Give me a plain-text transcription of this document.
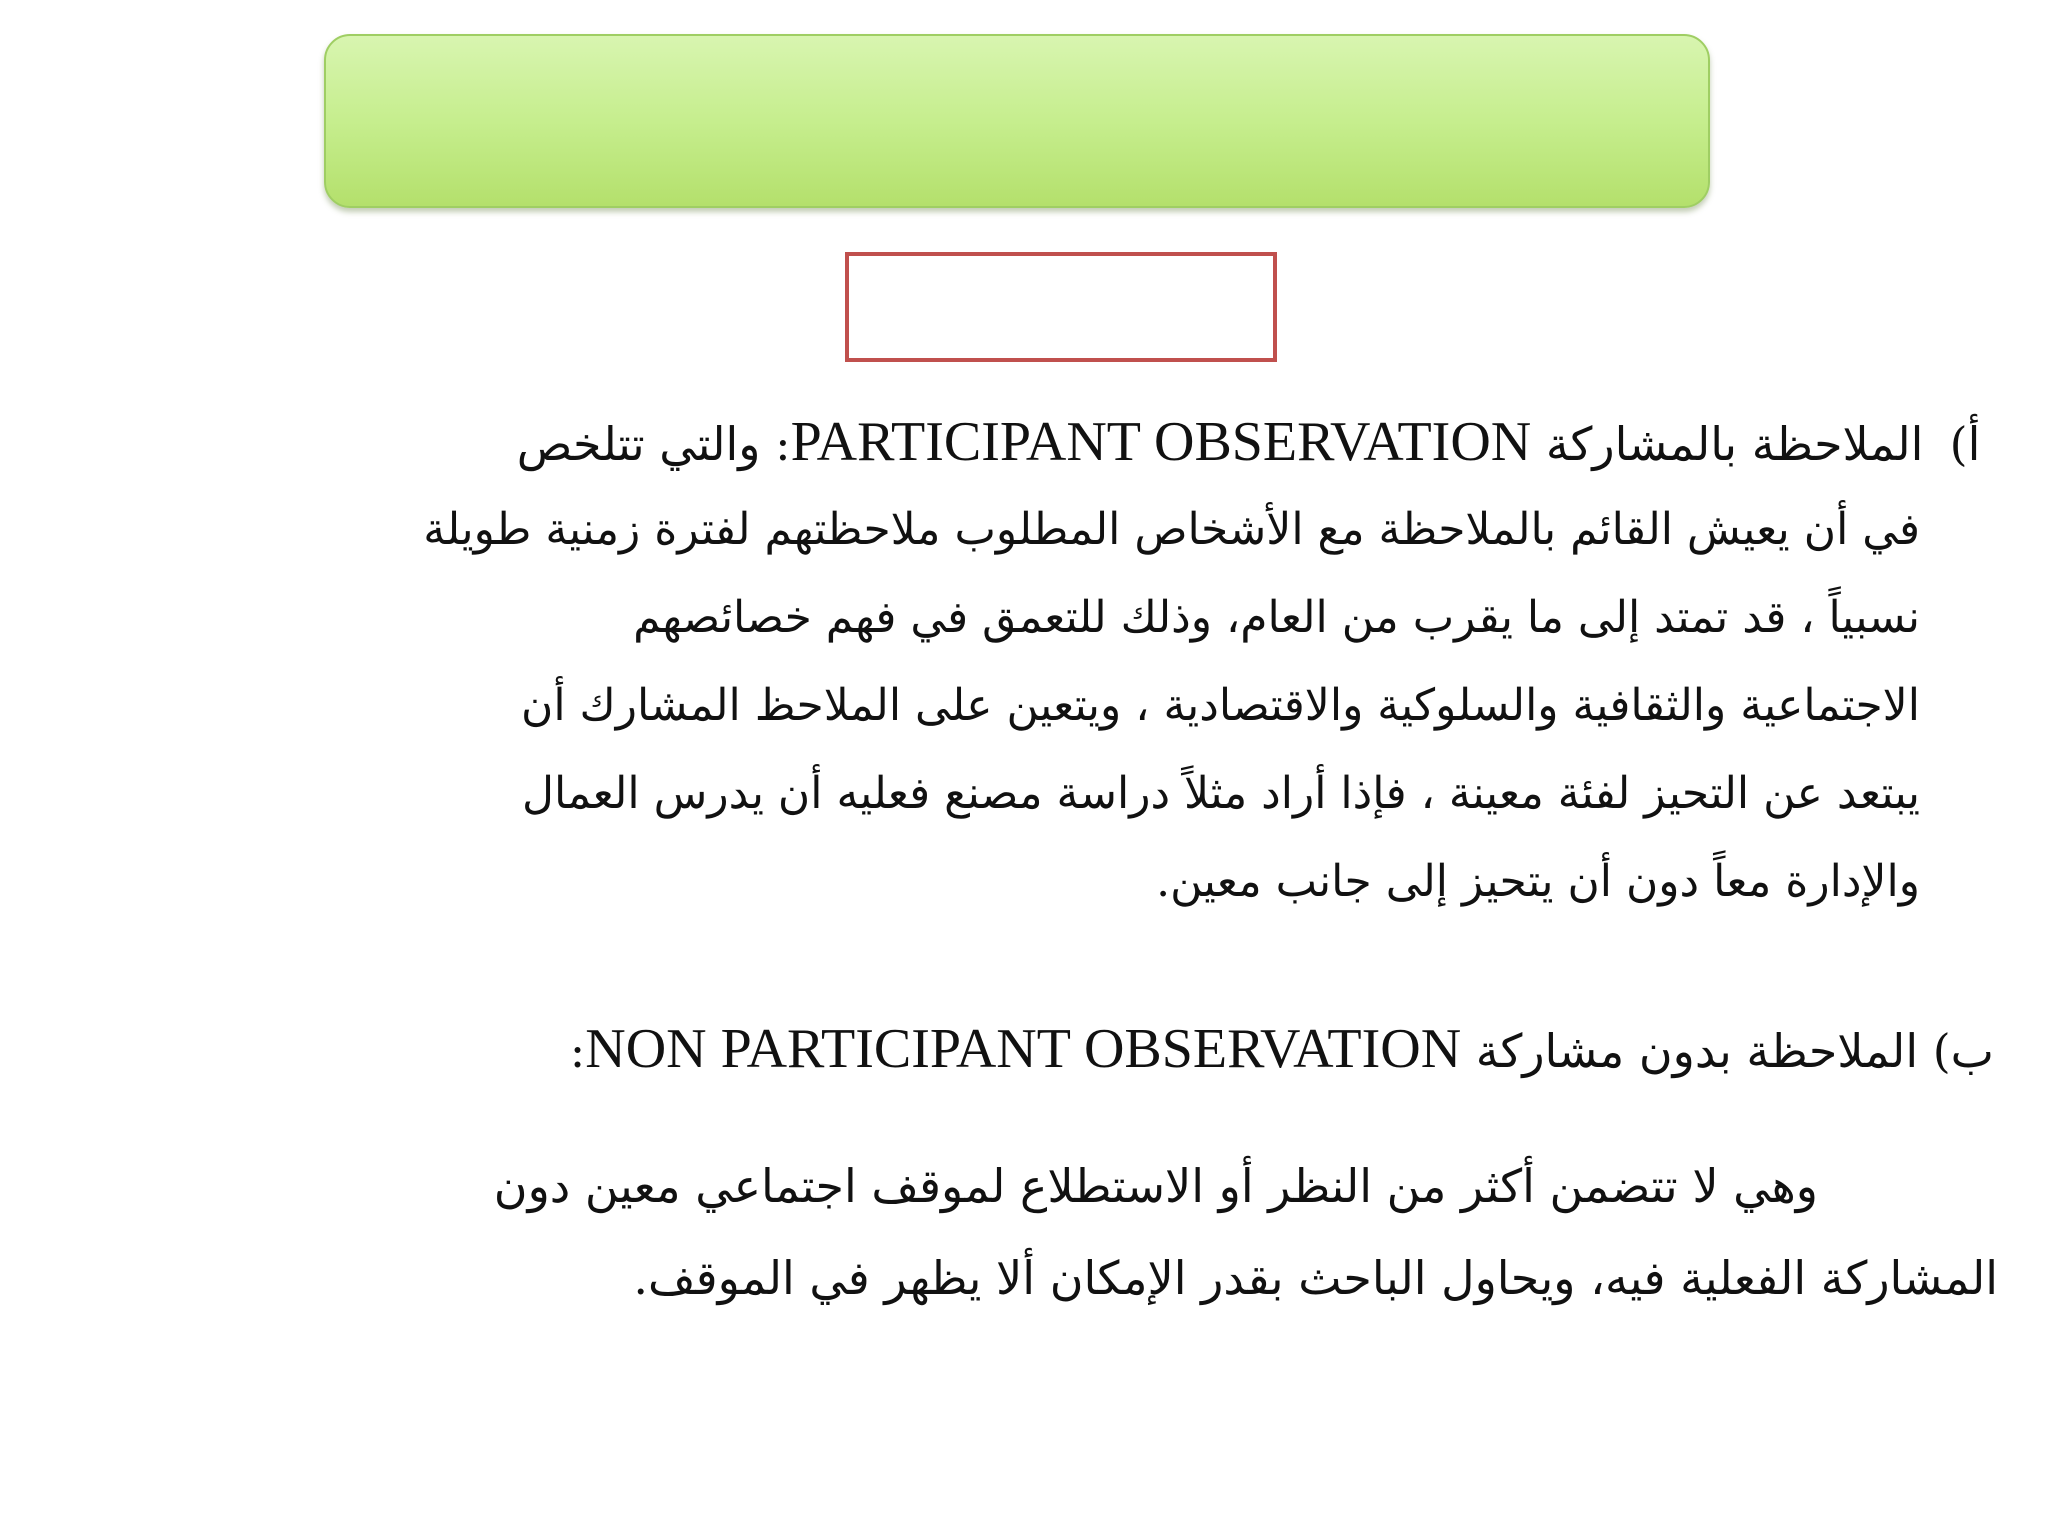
أ) الملاحظة بالمشاركة PARTICIPANT OBSERVATION: والتي تتلخص
في أن يعيش القائم بالملاحظة مع الأشخاص المطلوب ملاحظتهم لفترة زمنية طويلة
نسبياً ، قد تمتد إلى ما يقرب من العام، وذلك للتعمق في فهم خصائصهم
الاجتماعية والثقافية والسلوكية والاقتصادية ، ويتعين على الملاحظ المشارك أن
يبتعد عن التحيز لفئة معينة ، فإذا أراد مثلاً دراسة مصنع فعليه أن يدرس العمال
والإدارة معاً دون أن يتحيز إلى جانب معين.
ب) الملاحظة بدون مشاركة NON PARTICIPANT OBSERVATION:
وهي لا تتضمن أكثر من النظر أو الاستطلاع لموقف اجتماعي معين دون
المشاركة الفعلية فيه، ويحاول الباحث بقدر الإمكان ألا يظهر في الموقف.
